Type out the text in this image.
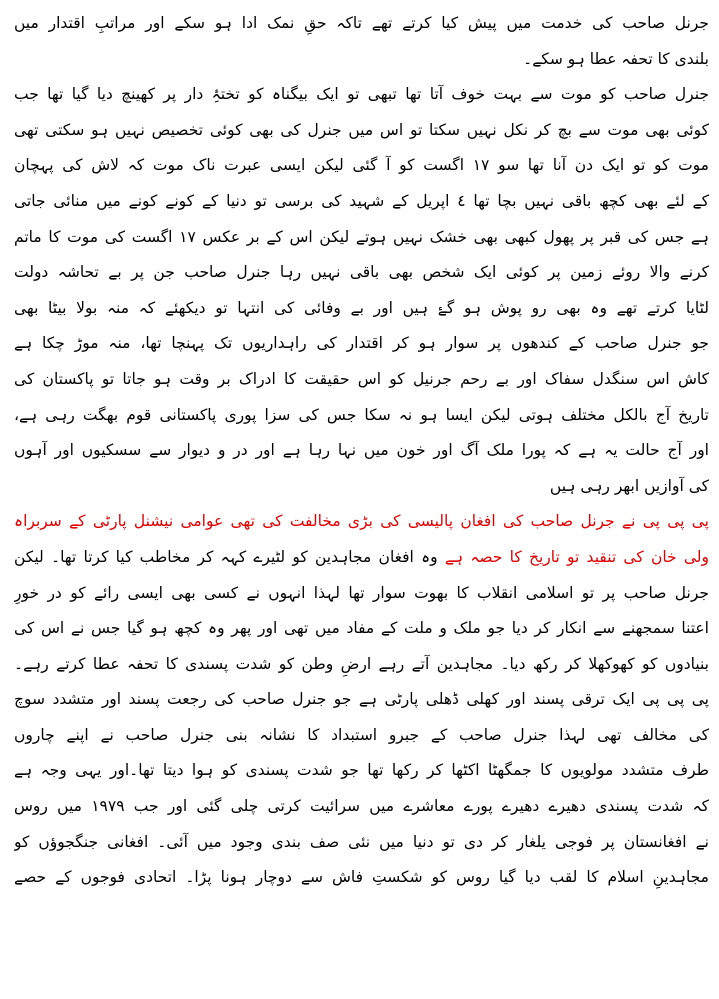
جرنل صاحب کی خدمت میں پیش کیا کرتے تھے تاکہ حقِ نمک ادا ہو سکے اور مراتبِ اقتدار میں
بلندی کا تحفہ عطا ہو سکے۔
جنرل صاحب کو موت سے بہت خوف آتا تھا تبھی تو ایک بیگناہ کو تختۂِ دار پر کھینچ دیا گیا تھا جب
کوئی بھی موت سے بچ کر نکل نہیں سکتا تو اس میں جنرل کی بھی کوئی تخصیص نہیں ہو سکتی تھی
موت کو تو ایک دن آنا تھا سو ۱۷ اگست کو آ گئی لیکن ایسی عبرت ناک موت کہ لاش کی پہچان
کے لئے بھی کچھ باقی نہیں بچا تھا ٤ اپریل کے شہید کی برسی تو دنیا کے کونے کونے میں منائی جاتی
ہے جس کی قبر پر پھول کبھی بھی خشک نہیں ہوتے لیکن اس کے بر عکس ۱۷ اگست کی موت کا ماتم
کرنے والا روئے زمین پر کوئی ایک شخص بھی باقی نہیں رہا جنرل صاحب جن پر بے تحاشہ دولت
لٹایا کرتے تھے وہ بھی رو پوش ہو گۓ ہیں اور بے وفائی کی انتہا تو دیکھئے کہ منہ بولا بیٹا بھی
جو جنرل صاحب کے کندھوں پر سوار ہو کر اقتدار کی راہداریوں تک پہنچا تھا، منہ موڑ چکا ہے
کاش اس سنگدل سفاک اور بے رحم جرنیل کو اس حقیقت کا ادراک بر وقت ہو جاتا تو پاکستان کی
تاریخ آج بالکل مختلف ہوتی لیکن ایسا ہو نہ سکا جس کی سزا پوری پاکستانی قوم بھگت رہی ہے،
اور آج حالت یہ ہے کہ پورا ملک آگ اور خون میں نہا رہا ہے اور در و دیوار سے سسکیوں اور آہوں
کی آوازیں ابھر رہی ہیں
پی پی پی نے جرنل صاحب کی افغان پالیسی کی بڑی مخالفت کی تھی عوامی نیشنل پارٹی کے سربراہ
ولی خان کی تنقید تو تاریخ کا حصہ ہے وہ افغان مجاہدین کو لٹیرے کہہ کر مخاطب کیا کرتا تھا۔ لیکن
جرنل صاحب پر تو اسلامی انقلاب کا بھوت سوار تھا لہذا انہوں نے کسی بھی ایسی رائے کو در خورِ
اعتنا سمجھنے سے انکار کر دیا جو ملک و ملت کے مفاد میں تھی اور پھر وہ کچھ ہو گیا جس نے اس کی
بنیادوں کو کھوکھلا کر رکھ دیا۔ مجاہدین آتے رہے ارضِ وطن کو شدت پسندی کا تحفہ عطا کرتے رہے۔
پی پی پی ایک ترقی پسند اور کھلی ڈھلی پارٹی ہے جو جنرل صاحب کی رجعت پسند اور متشدد سوچ
کی مخالف تھی لہذا جنرل صاحب کے جبرو استبداد کا نشانہ بنی جنرل صاحب نے اپنے چاروں
طرف متشدد مولویوں کا جمگھٹا اکٹھا کر رکھا تھا جو شدت پسندی کو ہوا دیتا تھا۔اور یہی وجہ ہے
کہ شدت پسندی دھیرے دھیرے پورے معاشرے میں سرائیت کرتی چلی گئی اور جب ۱۹۷۹ میں روس
نے افغانستان پر فوجی یلغار کر دی تو دنیا میں نئی صف بندی وجود میں آئی۔ افغانی جنگجوؤں کو
مجاہدینِ اسلام کا لقب دیا گیا روس کو شکستِ فاش سے دوچار ہونا پڑا۔ اتحادی فوجوں کے حصے
